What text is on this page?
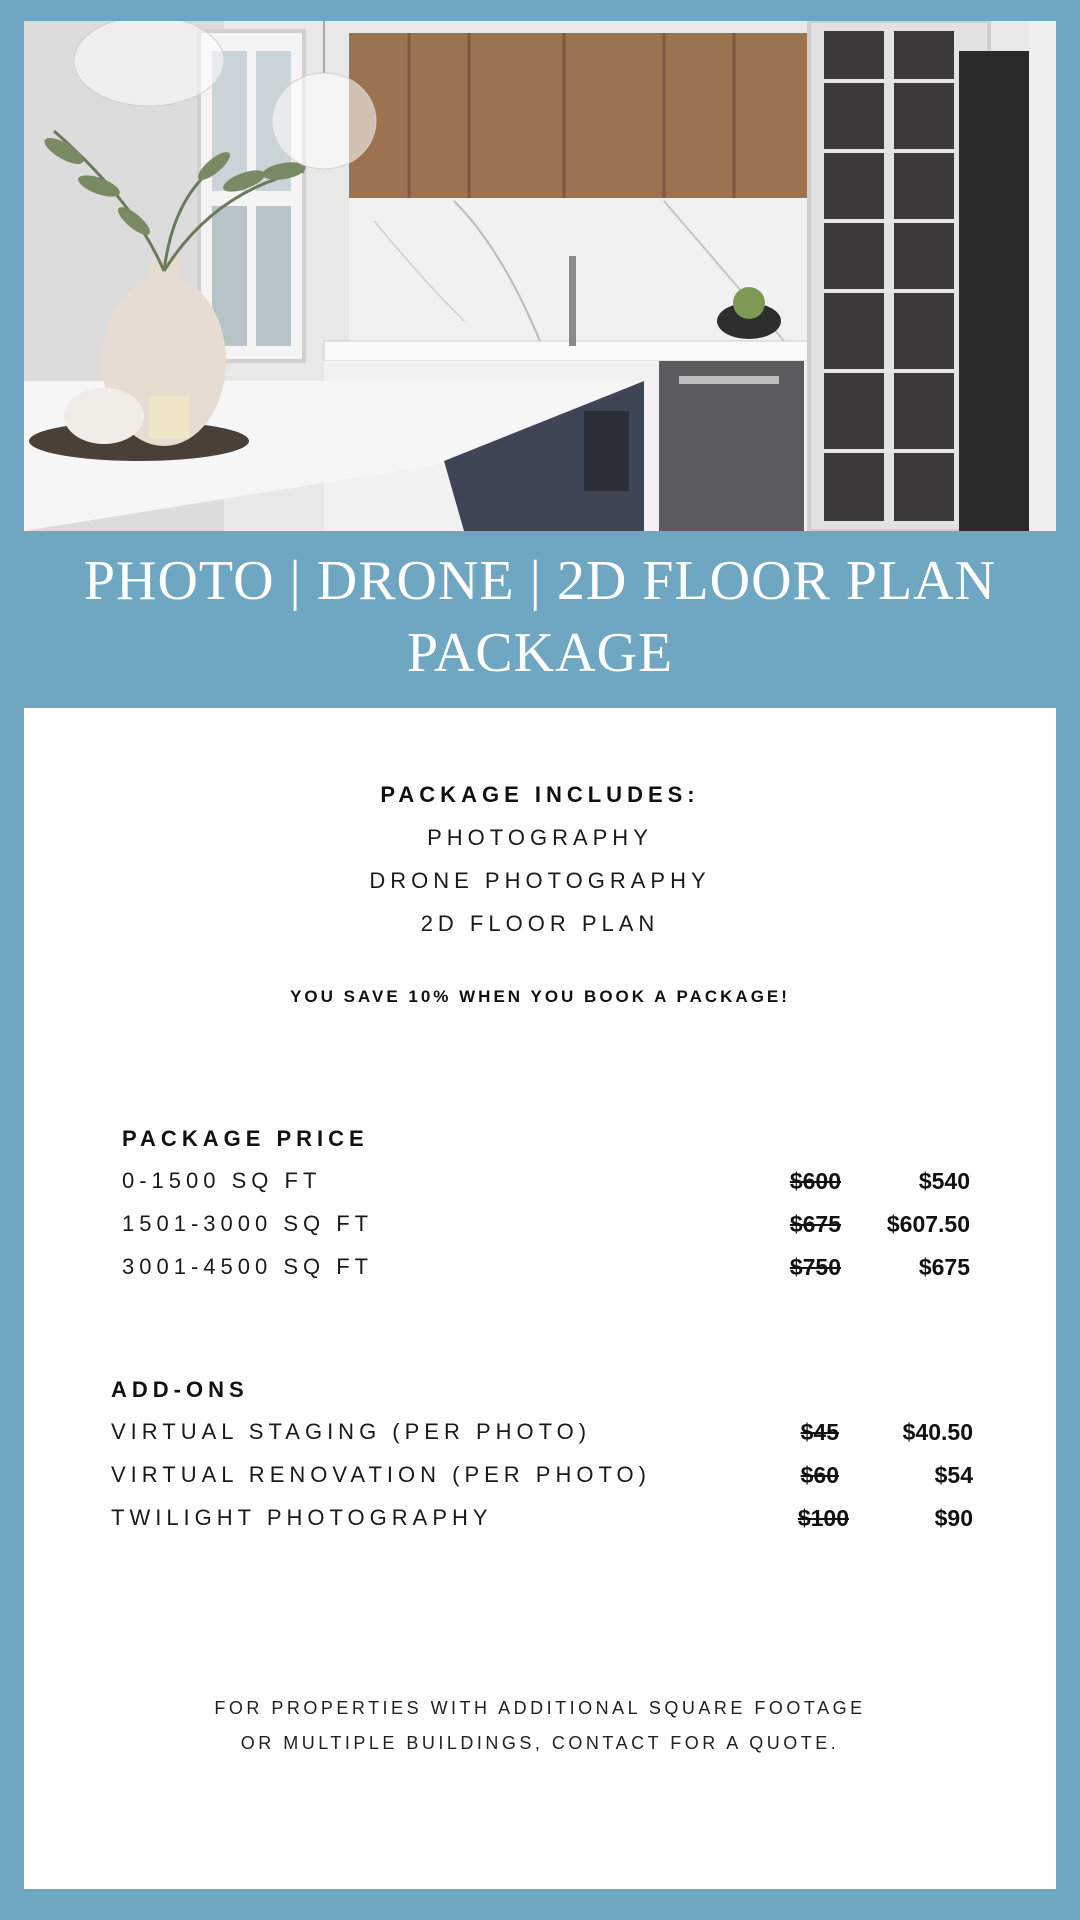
PHOTO | DRONE | 2D FLOOR PLAN
PACKAGE
PACKAGE INCLUDES:
PHOTOGRAPHY
DRONE PHOTOGRAPHY
2D FLOOR PLAN
YOU SAVE 10% WHEN YOU BOOK A PACKAGE!
PACKAGE PRICE
0-1500 SQ FT	$600	$540
1501-3000 SQ FT	$675 $607.50
3001-4500 SQ FT	$750	$675
ADD-ONS
VIRTUAL STAGING (PER PHOTO)	$45	$40.50
VIRTUAL RENOVATION (PER PHOTO)	$60	$54
TWILIGHT PHOTOGRAPHY	$100	$90
FOR PROPERTIES WITH ADDITIONAL SQUARE FOOTAGE
OR MULTIPLE BUILDINGS, CONTACT FOR A QUOTE.
